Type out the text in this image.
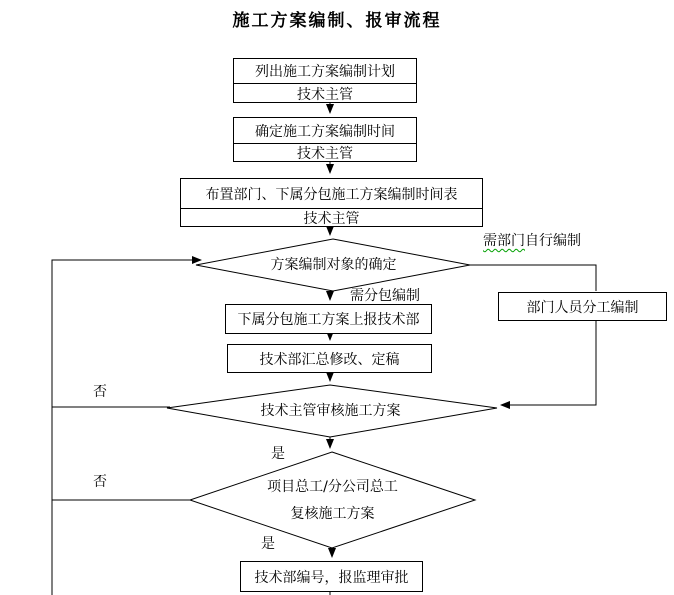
施工方案编制、报审流程
列出施工方案编制计划
技术主管
确定施工方案编制时间
技术主管
布置部门、下属分包施工方案编制时间表
技术主管
部门人员分工编制
下属分包施工方案上报技术部
技术部汇总修改、定稿
技术部编号，报监理审批
方案编制对象的确定
技术主管审核施工方案
项目总工/分公司总工
复核施工方案
需部门自行编制
需分包编制
否
否
是
是
